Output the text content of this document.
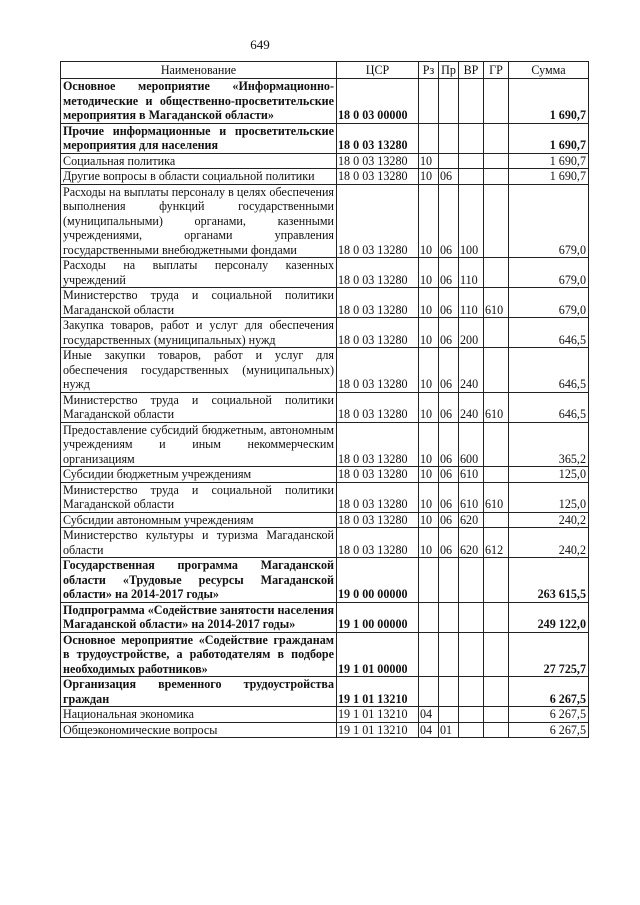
649
Наименование	ЦСР	Рз	Пр	ВР	ГР	Сумма
Основное мероприятие «Информационно-методические и общественно-просветительские мероприятия в Магаданской области»	18 0 03 00000					1 690,7
Прочие информационные и просветительские мероприятия для населения	18 0 03 13280					1 690,7
Социальная политика	18 0 03 13280	10				1 690,7
Другие вопросы в области социальной политики	18 0 03 13280	10	06			1 690,7
Расходы на выплаты персоналу в целях обеспечения выполнения функций государственными (муниципальными) органами, казенными учреждениями, органами управления государственными внебюджетными фондами	18 0 03 13280	10	06	100		679,0
Расходы на выплаты персоналу казенных учреждений	18 0 03 13280	10	06	110		679,0
Министерство труда и социальной политики Магаданской области	18 0 03 13280	10	06	110	610	679,0
Закупка товаров, работ и услуг для обеспечения государственных (муниципальных) нужд	18 0 03 13280	10	06	200		646,5
Иные закупки товаров, работ и услуг для обеспечения государственных (муниципальных) нужд	18 0 03 13280	10	06	240		646,5
Министерство труда и социальной политики Магаданской области	18 0 03 13280	10	06	240	610	646,5
Предоставление субсидий бюджетным, автономным учреждениям и иным некоммерческим организациям	18 0 03 13280	10	06	600		365,2
Субсидии бюджетным учреждениям	18 0 03 13280	10	06	610		125,0
Министерство труда и социальной политики Магаданской области	18 0 03 13280	10	06	610	610	125,0
Субсидии автономным учреждениям	18 0 03 13280	10	06	620		240,2
Министерство культуры и туризма Магаданской области	18 0 03 13280	10	06	620	612	240,2
Государственная программа Магаданской области «Трудовые ресурсы Магаданской области» на 2014-2017 годы»	19 0 00 00000					263 615,5
Подпрограмма «Содействие занятости населения Магаданской области» на 2014-2017 годы»	19 1 00 00000					249 122,0
Основное мероприятие «Содействие гражданам в трудоустройстве, а работодателям в подборе необходимых работников»	19 1 01 00000					27 725,7
Организация временного трудоустройства граждан	19 1 01 13210					6 267,5
Национальная экономика	19 1 01 13210	04				6 267,5
Общеэкономические вопросы	19 1 01 13210	04	01			6 267,5
